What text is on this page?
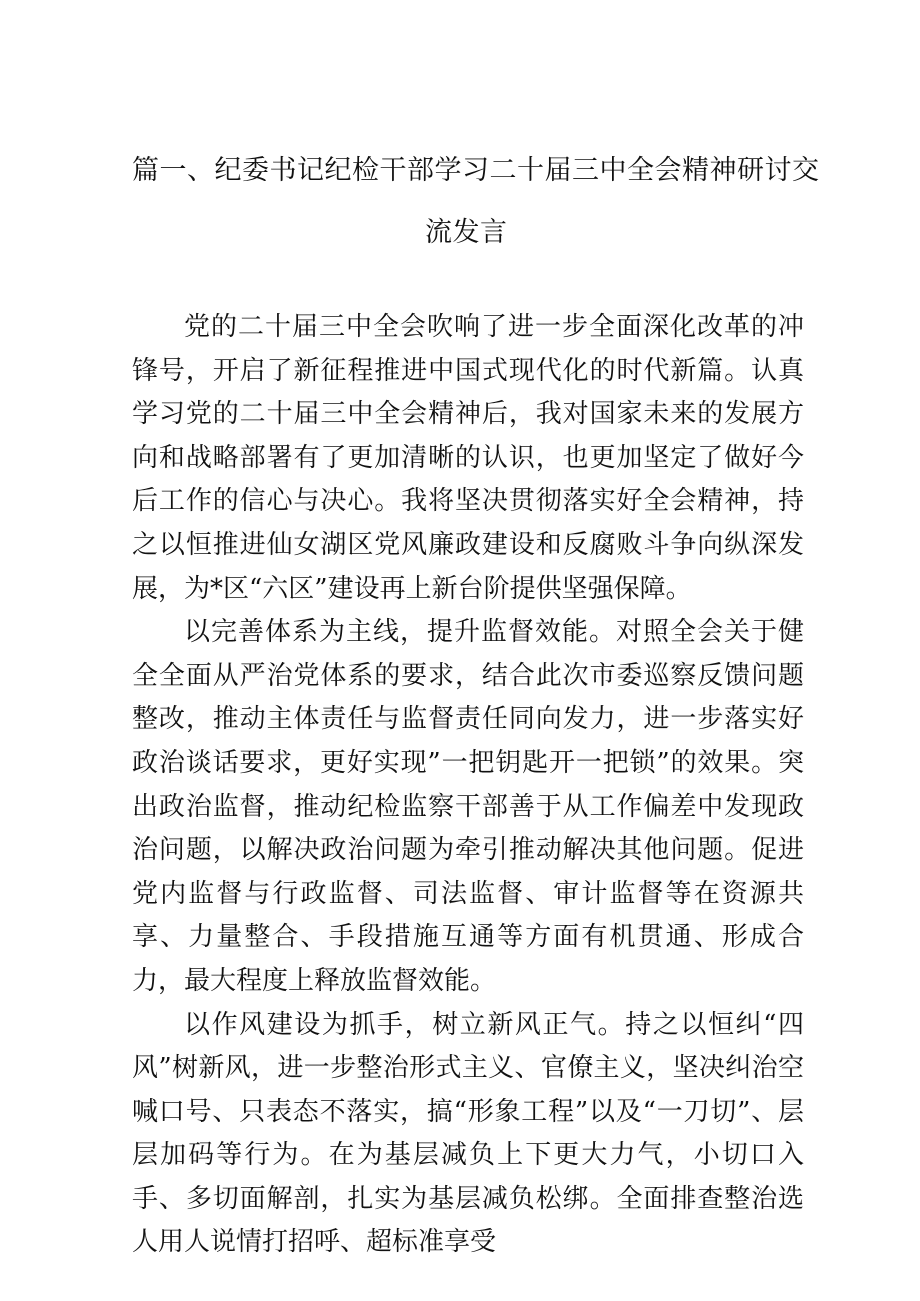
篇一、纪委书记纪检干部学习二十届三中全会精神研讨交
流发言

党的二十届三中全会吹响了进一步全面深化改革的冲锋号，开启了新征程推进中国式现代化的时代新篇。认真学习党的二十届三中全会精神后，我对国家未来的发展方向和战略部署有了更加清晰的认识，也更加坚定了做好今后工作的信心与决心。我将坚决贯彻落实好全会精神，持之以恒推进仙女湖区党风廉政建设和反腐败斗争向纵深发展，为*区“六区”建设再上新台阶提供坚强保障。

以完善体系为主线，提升监督效能。对照全会关于健全全面从严治党体系的要求，结合此次市委巡察反馈问题整改，推动主体责任与监督责任同向发力，进一步落实好政治谈话要求，更好实现”一把钥匙开一把锁”的效果。突出政治监督，推动纪检监察干部善于从工作偏差中发现政治问题，以解决政治问题为牵引推动解决其他问题。促进党内监督与行政监督、司法监督、审计监督等在资源共享、力量整合、手段措施互通等方面有机贯通、形成合力，最大程度上释放监督效能。

以作风建设为抓手，树立新风正气。持之以恒纠“四风”树新风，进一步整治形式主义、官僚主义，坚决纠治空喊口号、只表态不落实，搞“形象工程”以及“一刀切”、层层加码等行为。在为基层减负上下更大力气，小切口入手、多切面解剖，扎实为基层减负松绑。全面排查整治选人用人说情打招呼、超标准享受
